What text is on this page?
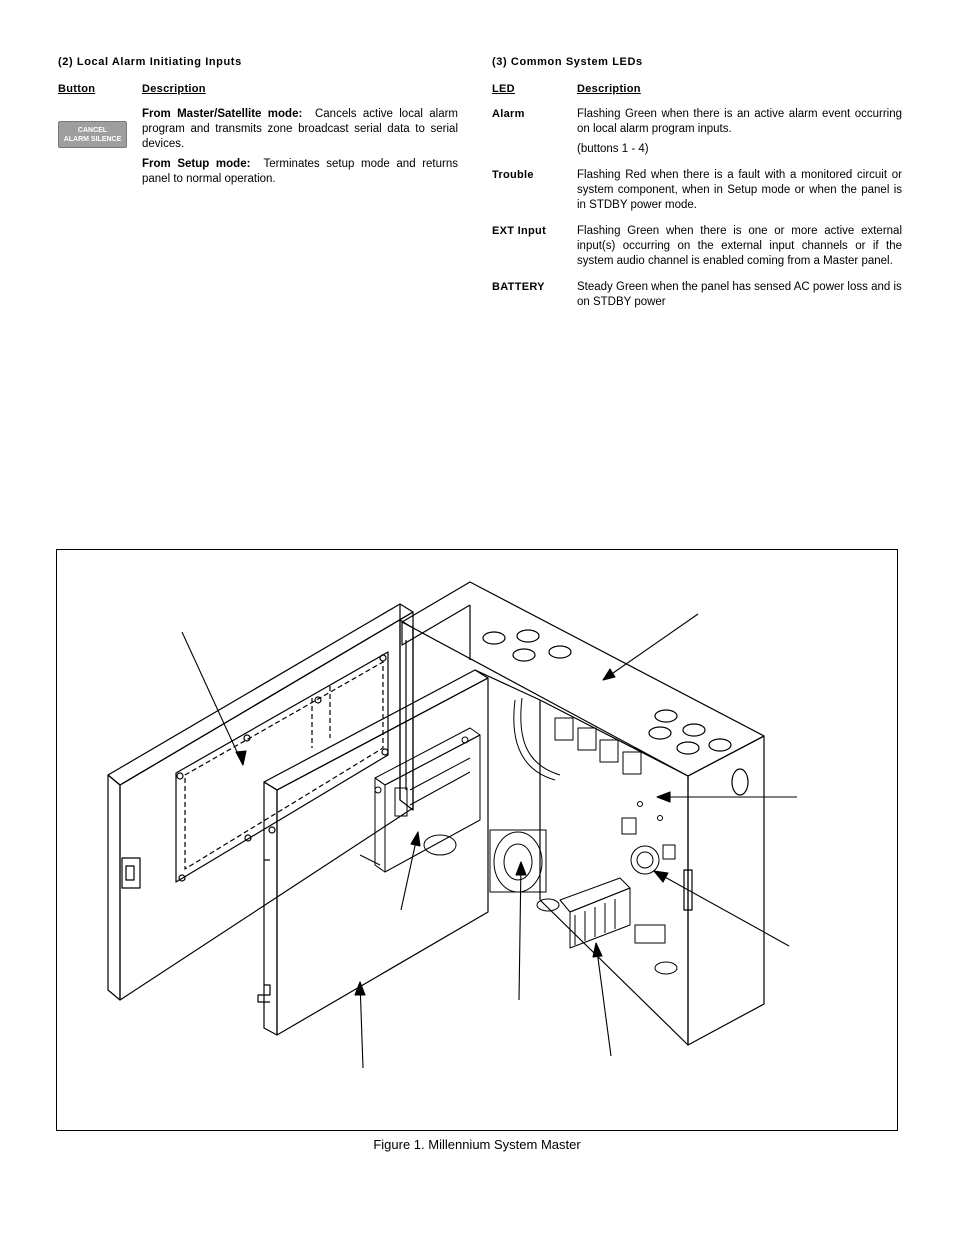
(2) Local Alarm Initiating Inputs
Button	Description
CANCEL
ALARM SILENCE

From Master/Satellite mode: Cancels active local alarm program and transmits zone broadcast serial data to serial devices.

From Setup mode: Terminates setup mode and returns panel to normal operation.

(3) Common System LEDs
LED	Description
Alarm	Flashing Green when there is an active alarm event occurring on local alarm program inputs.

(buttons 1 - 4)

Trouble	Flashing Red when there is a fault with a monitored circuit or system component, when in Setup mode or when the panel is in STDBY power mode.

EXT Input	Flashing Green when there is one or more active external input(s) occurring on the external input channels or if the system audio channel is enabled coming from a Master panel.

BATTERY	Steady Green when the panel has sensed AC power loss and is on STDBY power

Figure 1. Millennium System Master
